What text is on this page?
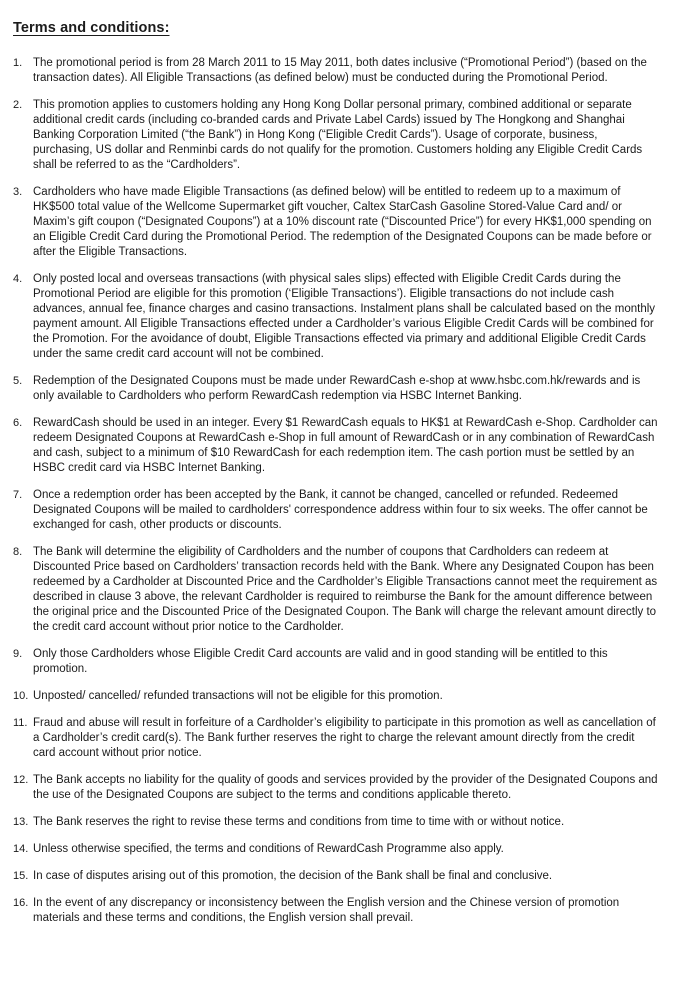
Terms and conditions:
1. The promotional period is from 28 March 2011 to 15 May 2011, both dates inclusive (“Promotional Period”) (based on the transaction dates). All Eligible Transactions (as defined below) must be conducted during the Promotional Period.
2. This promotion applies to customers holding any Hong Kong Dollar personal primary, combined additional or separate additional credit cards (including co-branded cards and Private Label Cards) issued by The Hongkong and Shanghai Banking Corporation Limited (“the Bank”) in Hong Kong (“Eligible Credit Cards”). Usage of corporate, business, purchasing, US dollar and Renminbi cards do not qualify for the promotion. Customers holding any Eligible Credit Cards shall be referred to as the “Cardholders”.
3. Cardholders who have made Eligible Transactions (as defined below) will be entitled to redeem up to a maximum of HK$500 total value of the Wellcome Supermarket gift voucher, Caltex StarCash Gasoline Stored-Value Card and/ or Maxim’s gift coupon (“Designated Coupons”) at a 10% discount rate (“Discounted Price”) for every HK$1,000 spending on an Eligible Credit Card during the Promotional Period. The redemption of the Designated Coupons can be made before or after the Eligible Transactions.
4. Only posted local and overseas transactions (with physical sales slips) effected with Eligible Credit Cards during the Promotional Period are eligible for this promotion (‘Eligible Transactions’). Eligible transactions do not include cash advances, annual fee, finance charges and casino transactions. Instalment plans shall be calculated based on the monthly payment amount. All Eligible Transactions effected under a Cardholder’s various Eligible Credit Cards will be combined for the Promotion. For the avoidance of doubt, Eligible Transactions effected via primary and additional Eligible Credit Cards under the same credit card account will not be combined.
5. Redemption of the Designated Coupons must be made under RewardCash e-shop at www.hsbc.com.hk/rewards and is only available to Cardholders who perform RewardCash redemption via HSBC Internet Banking.
6. RewardCash should be used in an integer. Every $1 RewardCash equals to HK$1 at RewardCash e-Shop. Cardholder can redeem Designated Coupons at RewardCash e-Shop in full amount of RewardCash or in any combination of RewardCash and cash, subject to a minimum of $10 RewardCash for each redemption item. The cash portion must be settled by an HSBC credit card via HSBC Internet Banking.
7. Once a redemption order has been accepted by the Bank, it cannot be changed, cancelled or refunded. Redeemed Designated Coupons will be mailed to cardholders' correspondence address within four to six weeks. The offer cannot be exchanged for cash, other products or discounts.
8. The Bank will determine the eligibility of Cardholders and the number of coupons that Cardholders can redeem at Discounted Price based on Cardholders’ transaction records held with the Bank. Where any Designated Coupon has been redeemed by a Cardholder at Discounted Price and the Cardholder’s Eligible Transactions cannot meet the requirement as described in clause 3 above, the relevant Cardholder is required to reimburse the Bank for the amount difference between the original price and the Discounted Price of the Designated Coupon. The Bank will charge the relevant amount directly to the credit card account without prior notice to the Cardholder.
9. Only those Cardholders whose Eligible Credit Card accounts are valid and in good standing will be entitled to this promotion.
10. Unposted/ cancelled/ refunded transactions will not be eligible for this promotion.
11. Fraud and abuse will result in forfeiture of a Cardholder’s eligibility to participate in this promotion as well as cancellation of a Cardholder’s credit card(s). The Bank further reserves the right to charge the relevant amount directly from the credit card account without prior notice.
12. The Bank accepts no liability for the quality of goods and services provided by the provider of the Designated Coupons and the use of the Designated Coupons are subject to the terms and conditions applicable thereto.
13. The Bank reserves the right to revise these terms and conditions from time to time with or without notice.
14. Unless otherwise specified, the terms and conditions of RewardCash Programme also apply.
15. In case of disputes arising out of this promotion, the decision of the Bank shall be final and conclusive.
16. In the event of any discrepancy or inconsistency between the English version and the Chinese version of promotion materials and these terms and conditions, the English version shall prevail.
